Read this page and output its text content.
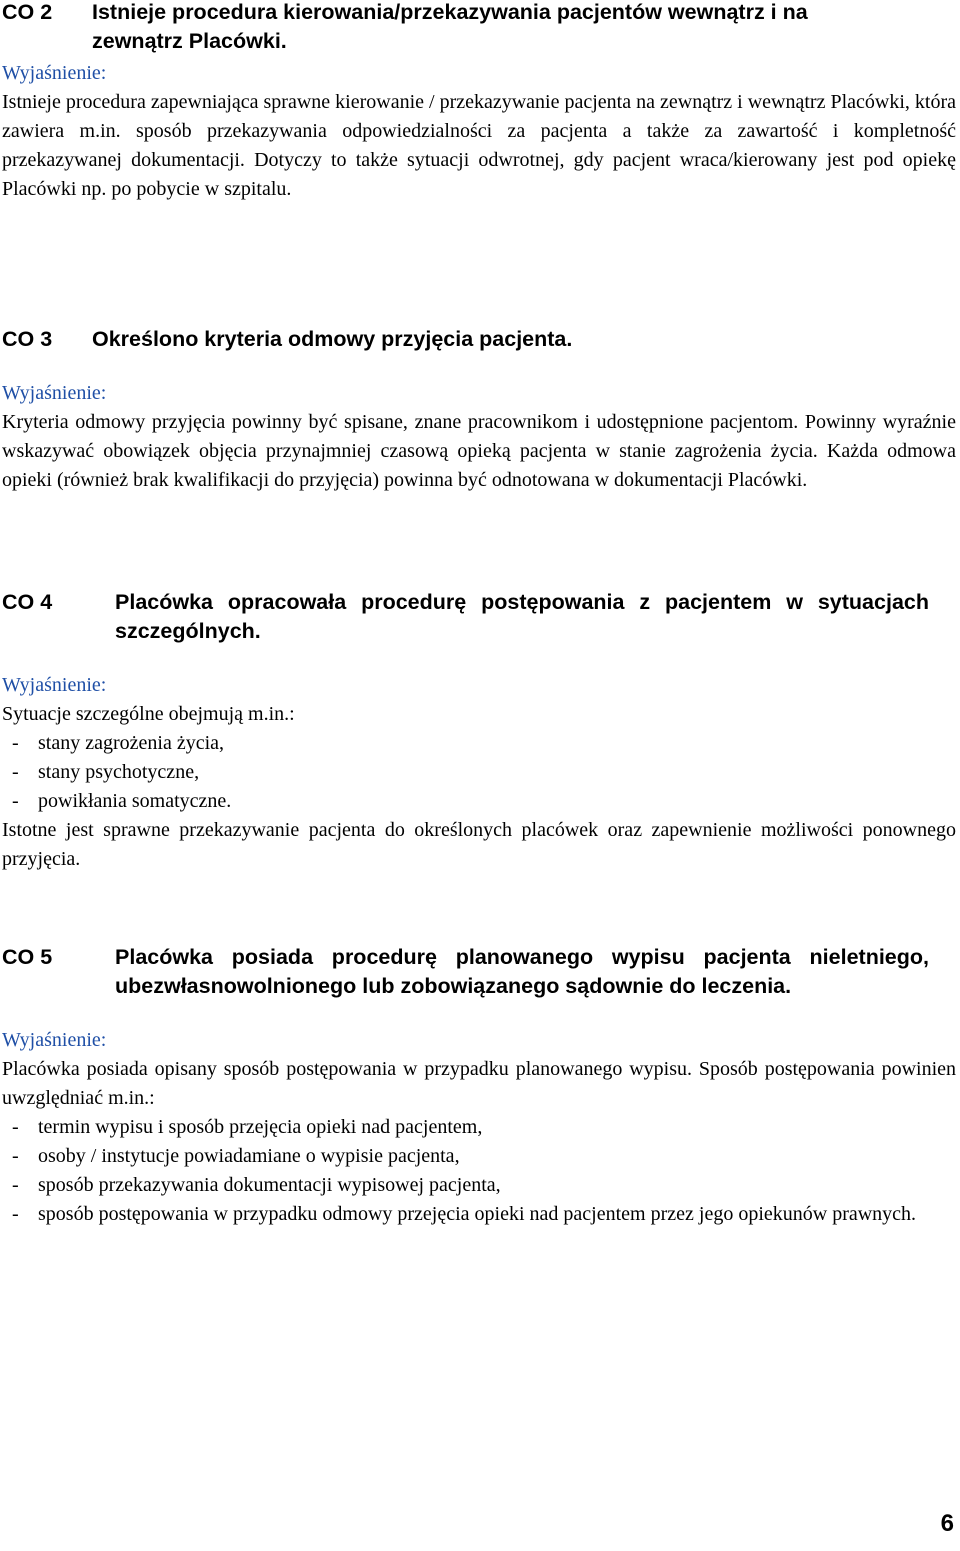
CO 2	Istnieje procedura kierowania/przekazywania pacjentów wewnątrz i na zewnątrz Placówki.
Wyjaśnienie:
Istnieje procedura zapewniająca sprawne kierowanie / przekazywanie pacjenta na zewnątrz i wewnątrz Placówki, która zawiera m.in. sposób przekazywania odpowiedzialności za pacjenta a także za zawartość i kompletność przekazywanej dokumentacji. Dotyczy to także sytuacji odwrotnej, gdy pacjent wraca/kierowany jest pod opiekę Placówki np. po pobycie w szpitalu.
CO 3	Określono kryteria odmowy przyjęcia pacjenta.
Wyjaśnienie:
Kryteria odmowy przyjęcia powinny być spisane, znane pracownikom i udostępnione pacjentom. Powinny wyraźnie wskazywać obowiązek objęcia przynajmniej czasową opieką pacjenta w stanie zagrożenia życia. Każda odmowa opieki (również brak kwalifikacji do przyjęcia) powinna być odnotowana w dokumentacji Placówki.
CO 4	Placówka opracowała procedurę postępowania z pacjentem w sytuacjach szczególnych.
Wyjaśnienie:
Sytuacje szczególne obejmują m.in.:
- stany zagrożenia życia,
- stany psychotyczne,
- powikłania somatyczne.
Istotne jest sprawne przekazywanie pacjenta do określonych placówek oraz zapewnienie możliwości ponownego przyjęcia.
CO 5	Placówka posiada procedurę planowanego wypisu pacjenta nieletniego, ubezwłasnowolnionego lub zobowiązanego sądownie do leczenia.
Wyjaśnienie:
Placówka posiada opisany sposób postępowania w przypadku planowanego wypisu. Sposób postępowania powinien uwzględniać m.in.:
- termin wypisu i sposób przejęcia opieki nad pacjentem,
- osoby / instytucje powiadamiane o wypisie pacjenta,
- sposób przekazywania dokumentacji wypisowej pacjenta,
- sposób postępowania w przypadku odmowy przejęcia opieki nad pacjentem przez jego opiekunów prawnych.
6
